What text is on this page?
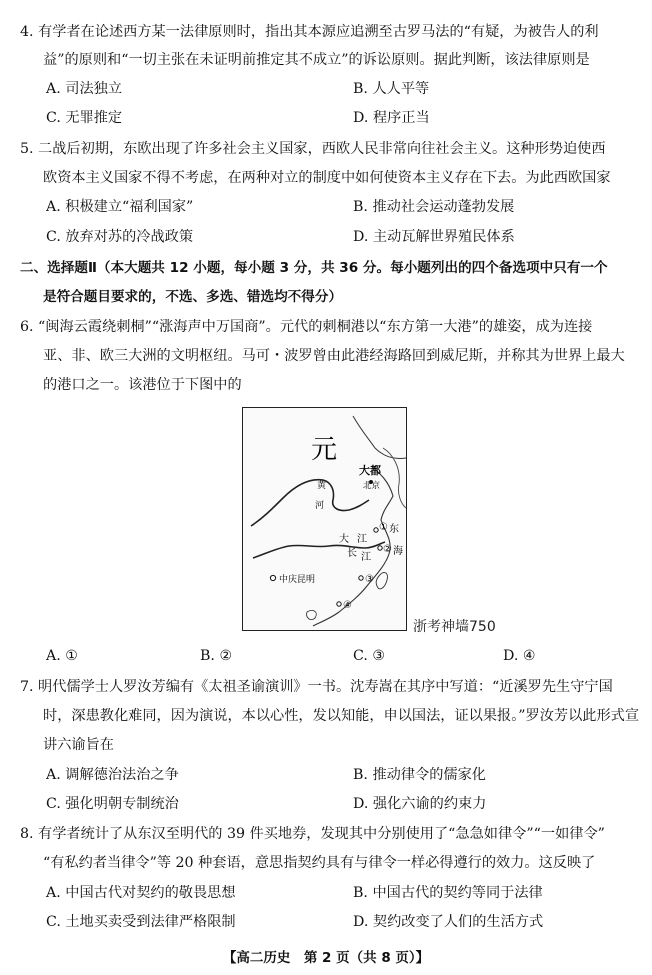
4. 有学者在论述西方某一法律原则时，指出其本源应追溯至古罗马法的“有疑，为被告人的利
益”的原则和“一切主张在未证明前推定其不成立”的诉讼原则。据此判断，该法律原则是
A. 司法独立	B. 人人平等
C. 无罪推定	D. 程序正当
5. 二战后初期，东欧出现了许多社会主义国家，西欧人民非常向往社会主义。这种形势迫使西
欧资本主义国家不得不考虑，在两种对立的制度中如何使资本主义存在下去。为此西欧国家
A. 积极建立“福利国家”	B. 推动社会运动蓬勃发展
C. 放弃对苏的冷战政策	D. 主动瓦解世界殖民体系
二、选择题Ⅱ（本大题共 12 小题，每小题 3 分，共 36 分。每小题列出的四个备选项中只有一个
是符合题目要求的，不选、多选、错选均不得分）
6. “闽海云霞绕刺桐”“涨海声中万国商”。元代的刺桐港以“东方第一大港”的雄姿，成为连接
亚、非、欧三大洲的文明枢纽。马可・波罗曾由此港经海路回到威尼斯，并称其为世界上最大
的港口之一。该港位于下图中的
元
大都
北京
黄
河
大
长
江
江
东
海
中庆昆明
①
②
③
④
浙考神墙750
A. ①	B. ②	C. ③	D. ④
7. 明代儒学士人罗汝芳编有《太祖圣谕演训》一书。沈寿嵩在其序中写道：“近溪罗先生守宁国
时，深患教化难同，因为演说，本以心性，发以知能，申以国法，证以果报。”罗汝芳以此形式宣
讲六谕旨在
A. 调解德治法治之争	B. 推动律令的儒家化
C. 强化明朝专制统治	D. 强化六谕的约束力
8. 有学者统计了从东汉至明代的 39 件买地券，发现其中分别使用了“急急如律令”“一如律令”
“有私约者当律令”等 20 种套语，意思指契约具有与律令一样必得遵行的效力。这反映了
A. 中国古代对契约的敬畏思想	B. 中国古代的契约等同于法律
C. 土地买卖受到法律严格限制	D. 契约改变了人们的生活方式
【高二历史　第 2 页（共 8 页）】
